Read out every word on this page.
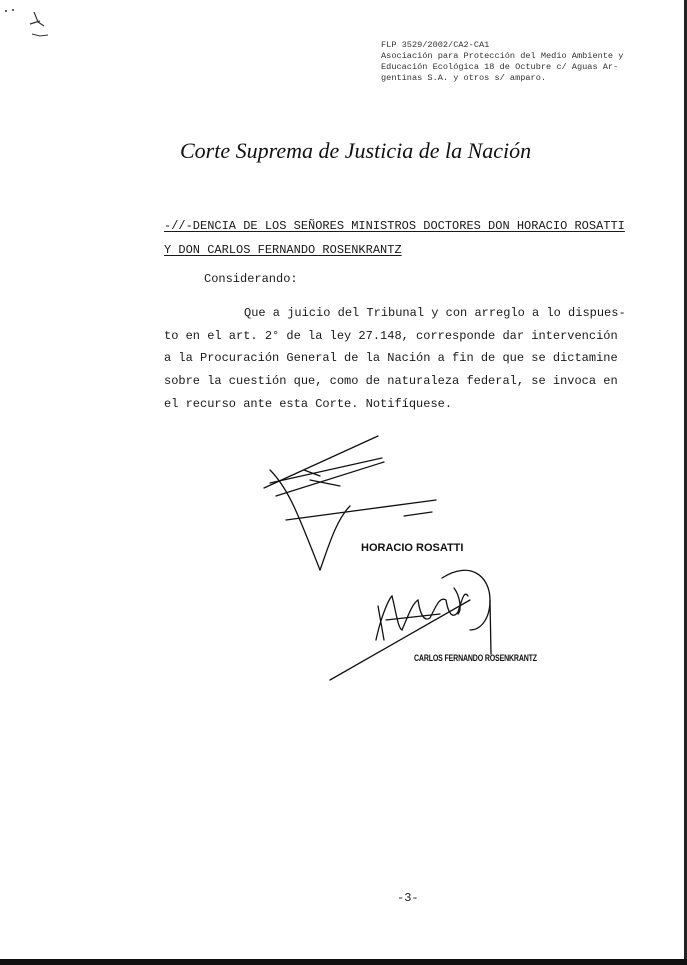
FLP 3529/2002/CA2-CA1
Asociación para Protección del Medio Ambiente y
Educación Ecológica 18 de Octubre c/ Aguas Ar-
gentinas S.A. y otros s/ amparo.
Corte Suprema de Justicia de la Nación
-//-DENCIA DE LOS SEÑORES MINISTROS DOCTORES DON HORACIO ROSATTI
Y DON CARLOS FERNANDO ROSENKRANTZ
Considerando:
Que a juicio del Tribunal y con arreglo a lo dispues-
to en el art. 2° de la ley 27.148, corresponde dar intervención
a la Procuración General de la Nación a fin de que se dictamine
sobre la cuestión que, como de naturaleza federal, se invoca en
el recurso ante esta Corte. Notifíquese.
HORACIO ROSATTI
CARLOS FERNANDO ROSENKRANTZ
-3-
